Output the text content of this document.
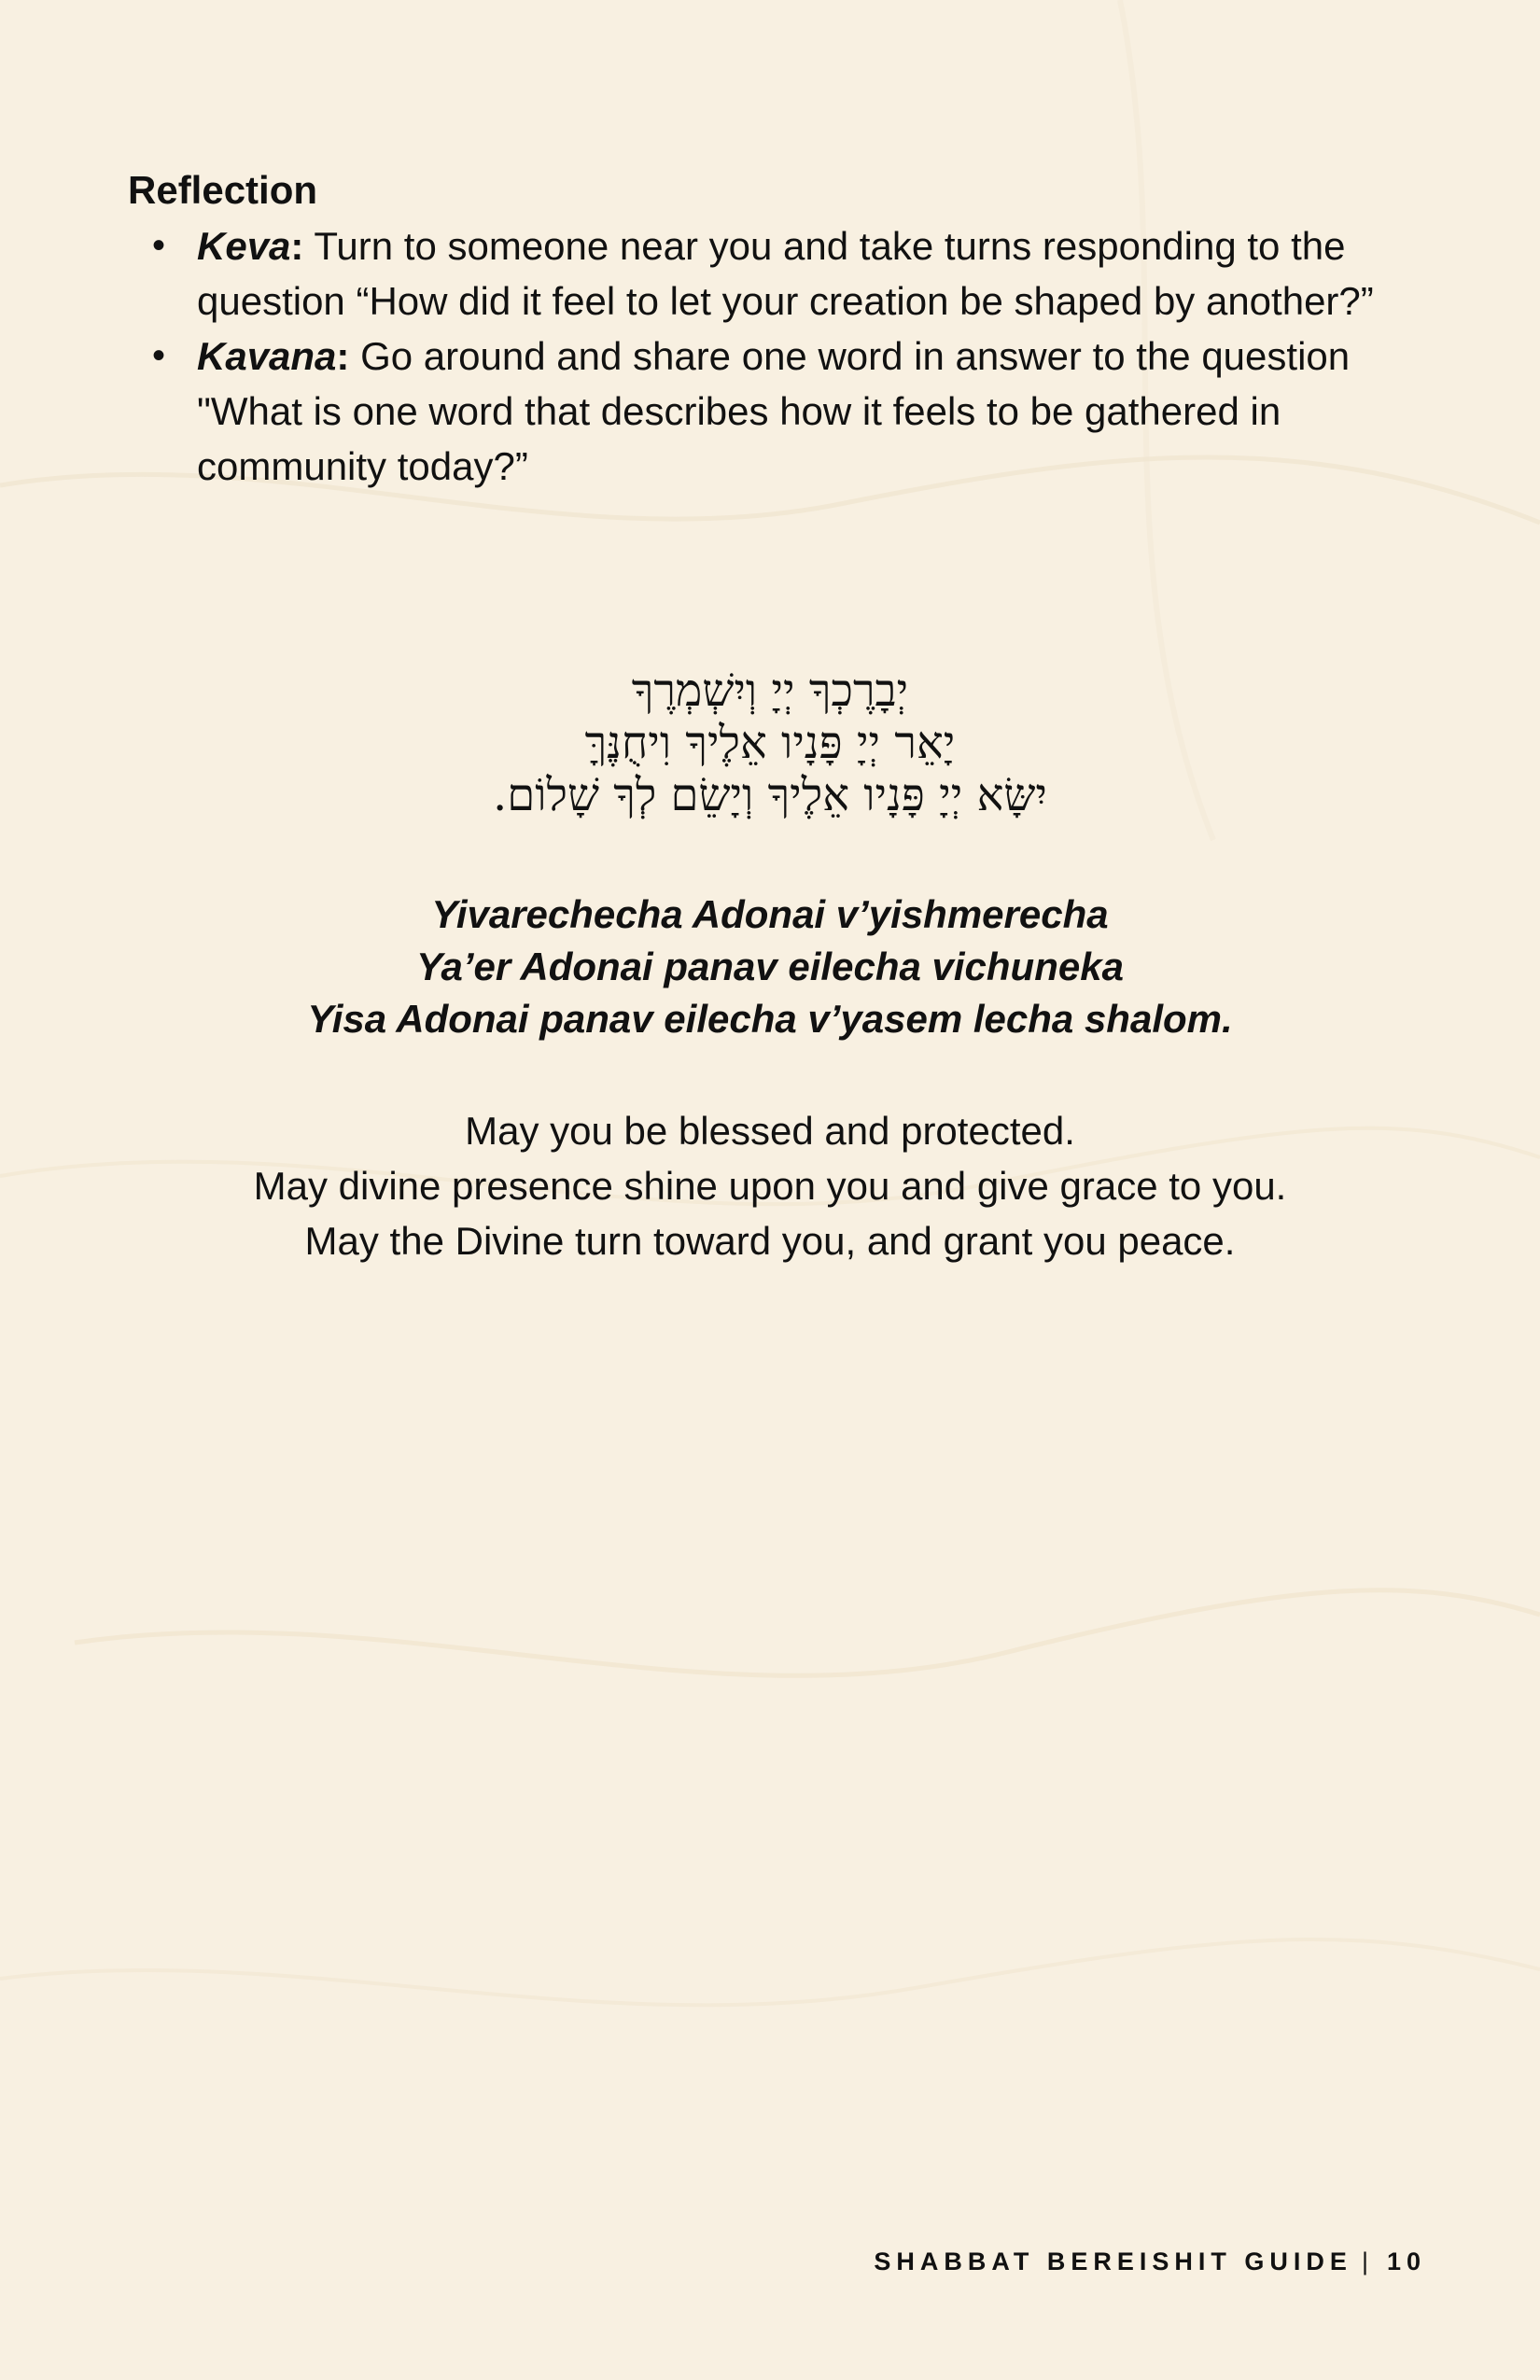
Reflection
• Keva: Turn to someone near you and take turns responding to the question “How did it feel to let your creation be shaped by another?”
• Kavana: Go around and share one word in answer to the question "What is one word that describes how it feels to be gathered in community today?”
יְבָרֶכְךָ יְיָ וְיִשְׁמְרֶךָ
יָאֵר יְיָ פָּנָיו אֵלֶיךָ וִיחֻנֶּךָּ
יִשָּׂא יְיָ פָּנָיו אֵלֶיךָ וְיָשֵׂם לְךָ שָׁלוֹם.
Yivarechecha Adonai v’yishmerecha
Ya’er Adonai panav eilecha vichuneka
Yisa Adonai panav eilecha v’yasem lecha shalom.
May you be blessed and protected.
May divine presence shine upon you and give grace to you.
May the Divine turn toward you, and grant you peace.
SHABBAT BEREISHIT GUIDE | 10
